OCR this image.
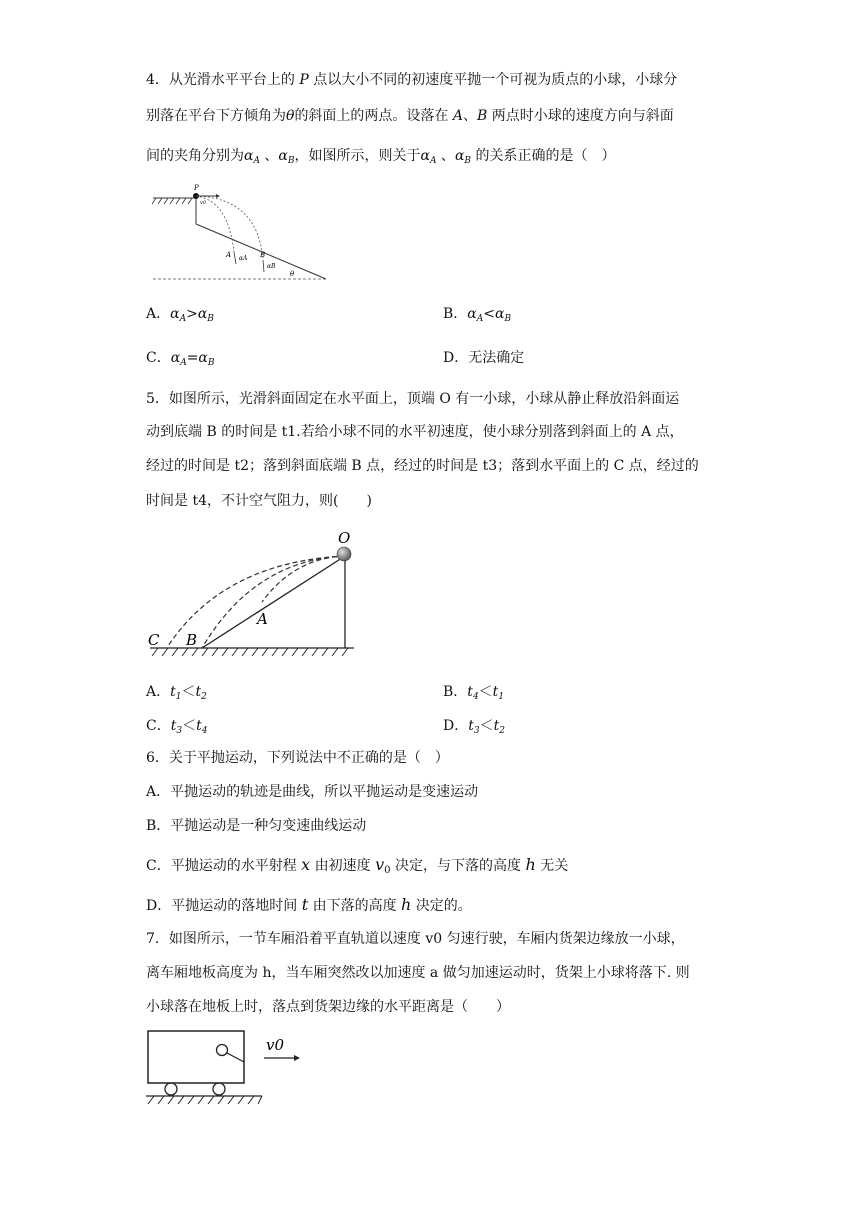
4．从光滑水平平台上的 P 点以大小不同的初速度平抛一个可视为质点的小球，小球分
别落在平台下方倾角为θ的斜面上的两点。设落在 A、B 两点时小球的速度方向与斜面
间的夹角分别为$\alpha_A$ 、$\alpha_B$，如图所示，则关于$\alpha_A$ 、$\alpha_B$ 的关系正确的是（　）
P
A	B
αA
αB
θ
v0
A．$\alpha_A>\alpha_B$	B．$\alpha_A<\alpha_B$
C．$\alpha_A=\alpha_B$	D．无法确定
5．如图所示，光滑斜面固定在水平面上，顶端 O 有一小球，小球从静止释放沿斜面运
动到底端 B 的时间是 t1.若给小球不同的水平初速度，使小球分别落到斜面上的 A 点，
经过的时间是 t2；落到斜面底端 B 点，经过的时间是 t3；落到水平面上的 C 点，经过的
时间是 t4，不计空气阻力，则(　　)
O
A
B
C
A．$t_1<t_2$	B．$t_4<t_1$
C．$t_3<t_4$	D．$t_3<t_2$
6．关于平抛运动，下列说法中不正确的是（　）
A．平抛运动的轨迹是曲线，所以平抛运动是变速运动
B．平抛运动是一种匀变速曲线运动
C．平抛运动的水平射程 x 由初速度 $v_0$ 决定，与下落的高度 h 无关
D．平抛运动的落地时间 t 由下落的高度 h 决定的。
7．如图所示，一节车厢沿着平直轨道以速度 v0 匀速行驶，车厢内货架边缘放一小球，
离车厢地板高度为 h，当车厢突然改以加速度 a 做匀加速运动时，货架上小球将落下. 则
小球落在地板上时，落点到货架边缘的水平距离是（　　）
v0
